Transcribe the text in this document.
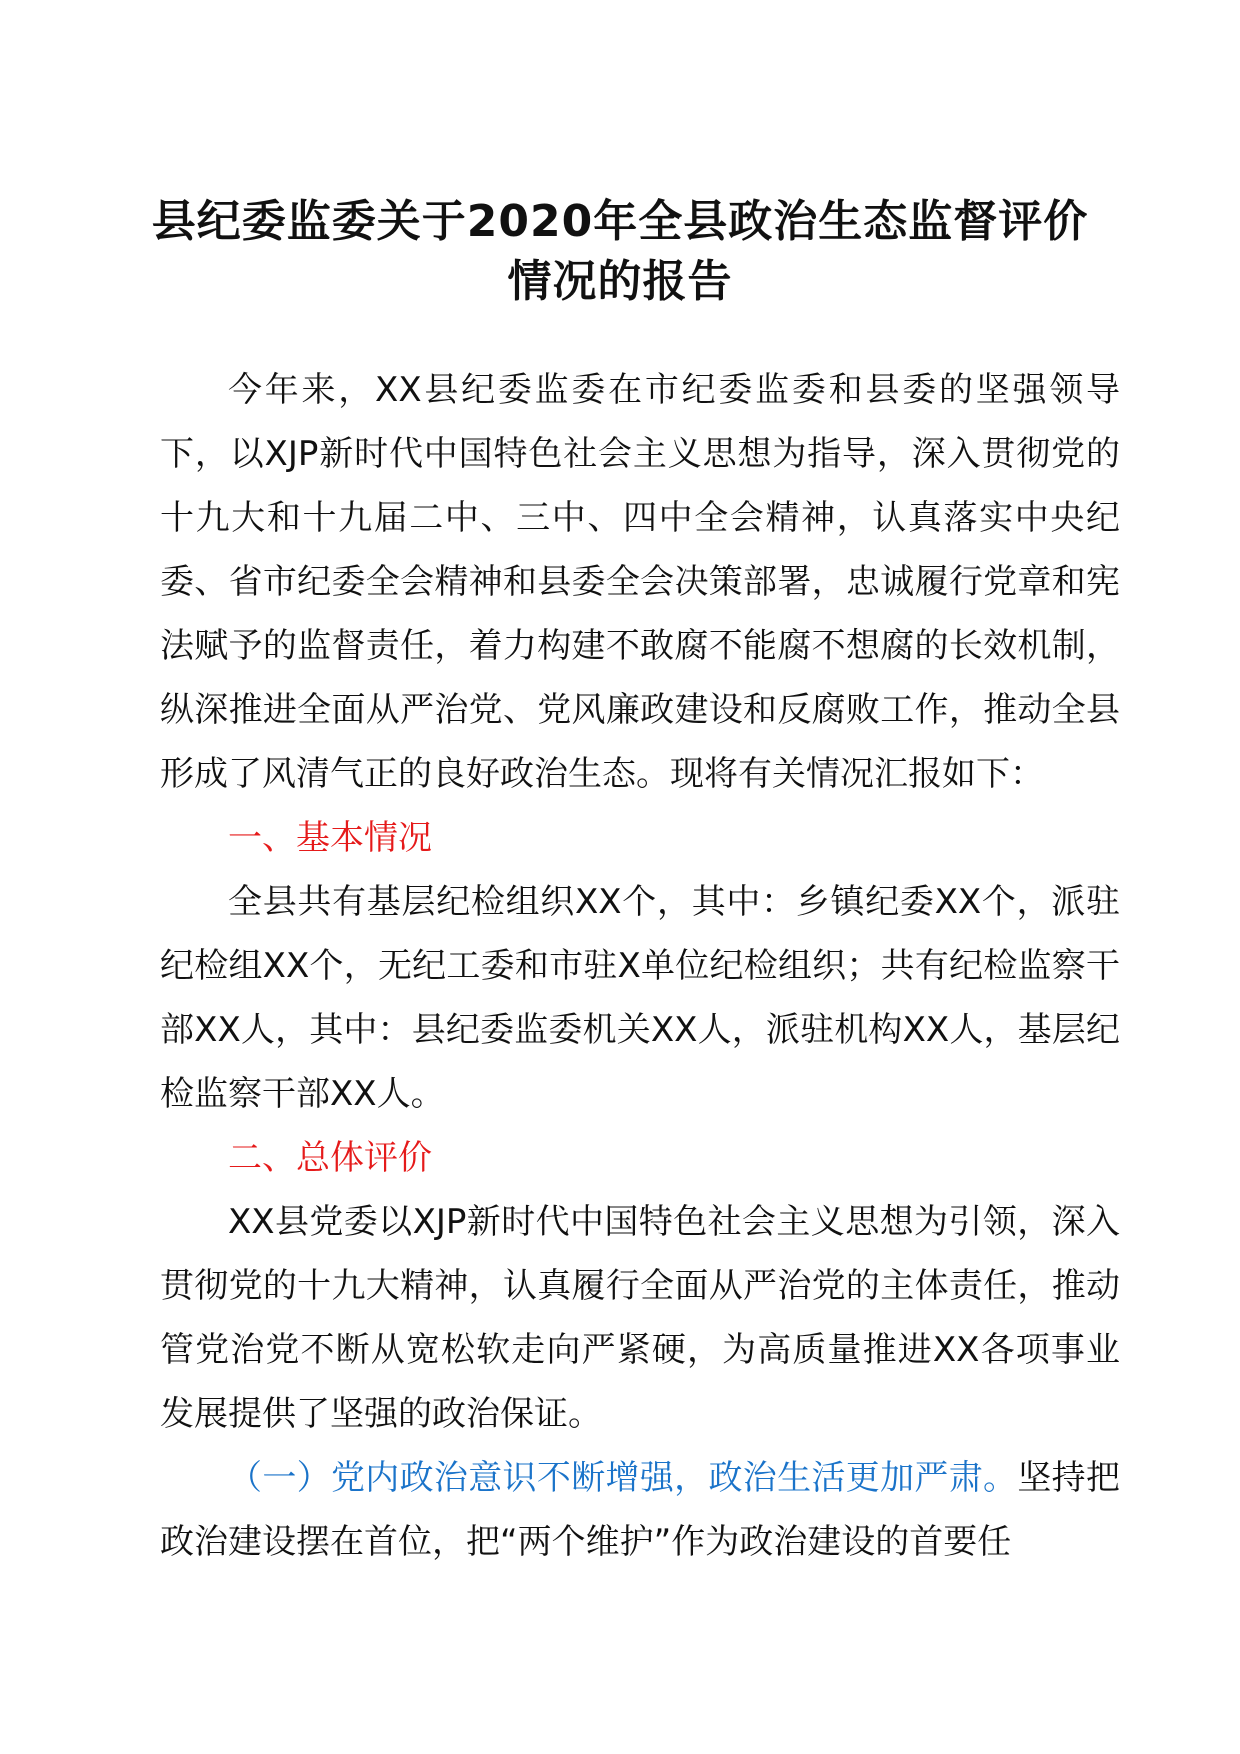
县纪委监委关于2020年全县政治生态监督评价情况的报告

今年来，XX县纪委监委在市纪委监委和县委的坚强领导下，以XJP新时代中国特色社会主义思想为指导，深入贯彻党的十九大和十九届二中、三中、四中全会精神，认真落实中央纪委、省市纪委全会精神和县委全会决策部署，忠诚履行党章和宪法赋予的监督责任，着力构建不敢腐不能腐不想腐的长效机制，纵深推进全面从严治党、党风廉政建设和反腐败工作，推动全县形成了风清气正的良好政治生态。现将有关情况汇报如下：

一、基本情况

全县共有基层纪检组织XX个，其中：乡镇纪委XX个，派驻纪检组XX个，无纪工委和市驻X单位纪检组织；共有纪检监察干部XX人，其中：县纪委监委机关XX人，派驻机构XX人，基层纪检监察干部XX人。

二、总体评价

XX县党委以XJP新时代中国特色社会主义思想为引领，深入贯彻党的十九大精神，认真履行全面从严治党的主体责任，推动管党治党不断从宽松软走向严紧硬，为高质量推进XX各项事业发展提供了坚强的政治保证。

（一）党内政治意识不断增强，政治生活更加严肃。坚持把政治建设摆在首位，把“两个维护”作为政治建设的首要任
